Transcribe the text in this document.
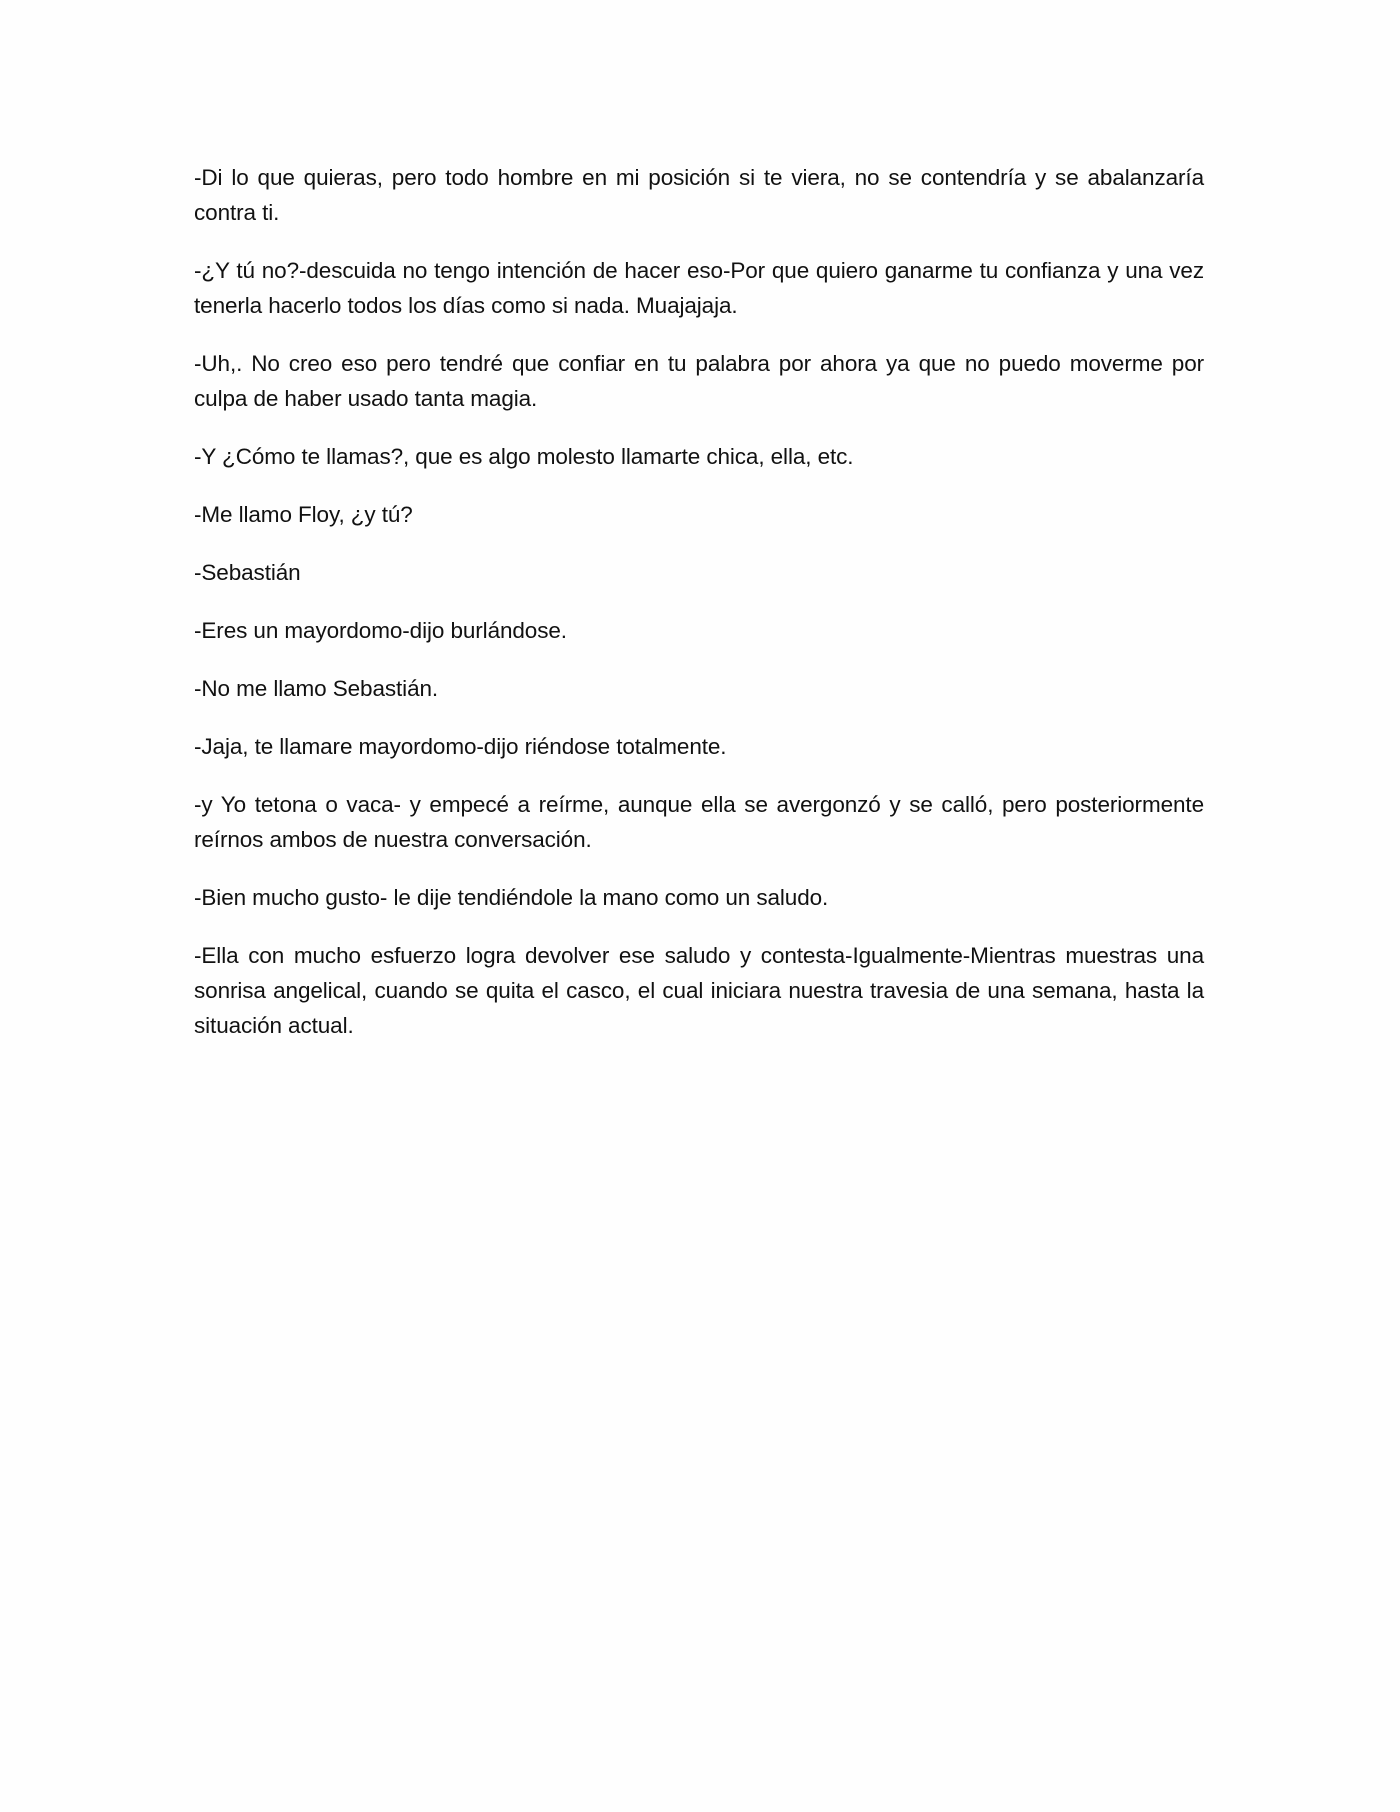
-Di lo que quieras, pero todo hombre en mi posición si te viera, no se contendría y se abalanzaría contra ti.

-¿Y tú no?-descuida no tengo intención de hacer eso-Por que quiero ganarme tu confianza y una vez tenerla hacerlo todos los días como si nada. Muajajaja.

-Uh,. No creo eso pero tendré que confiar en tu palabra por ahora ya que no puedo moverme por culpa de haber usado tanta magia.

-Y ¿Cómo te llamas?, que es algo molesto llamarte chica, ella, etc.

-Me llamo Floy, ¿y tú?

-Sebastián

-Eres un mayordomo-dijo burlándose.

-No me llamo Sebastián.

-Jaja, te llamare mayordomo-dijo riéndose totalmente.

-y Yo tetona o vaca- y empecé a reírme, aunque ella se avergonzó y se calló, pero posteriormente reírnos ambos de nuestra conversación.

-Bien mucho gusto- le dije tendiéndole la mano como un saludo.

-Ella con mucho esfuerzo logra devolver ese saludo y contesta-Igualmente-Mientras muestras una sonrisa angelical, cuando se quita el casco, el cual iniciara nuestra travesia de una semana, hasta la situación actual.
